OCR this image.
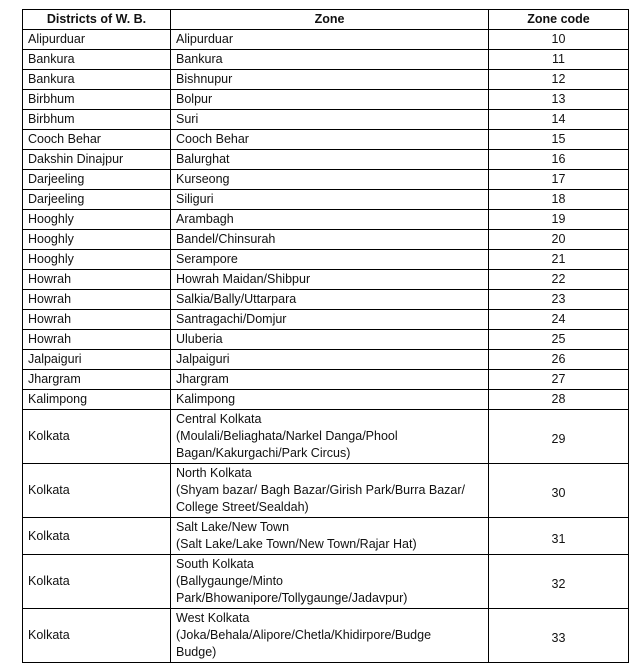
Districts of W. B.	Zone	Zone code
Alipurduar	Alipurduar	10
Bankura	Bankura	11
Bankura	Bishnupur	12
Birbhum	Bolpur	13
Birbhum	Suri	14
Cooch Behar	Cooch Behar	15
Dakshin Dinajpur	Balurghat	16
Darjeeling	Kurseong	17
Darjeeling	Siliguri	18
Hooghly	Arambagh	19
Hooghly	Bandel/Chinsurah	20
Hooghly	Serampore	21
Howrah	Howrah Maidan/Shibpur	22
Howrah	Salkia/Bally/Uttarpara	23
Howrah	Santragachi/Domjur	24
Howrah	Uluberia	25
Jalpaiguri	Jalpaiguri	26
Jhargram	Jhargram	27
Kalimpong	Kalimpong	28
Kolkata	Central Kolkata
(Moulali/Beliaghata/Narkel Danga/Phool
Bagan/Kakurgachi/Park Circus)	29
Kolkata	North Kolkata
(Shyam bazar/ Bagh Bazar/Girish Park/Burra Bazar/
College Street/Sealdah)	30
Kolkata	Salt Lake/New Town
(Salt Lake/Lake Town/New Town/Rajar Hat)	31
Kolkata	South Kolkata
(Ballygaunge/Minto
Park/Bhowanipore/Tollygaunge/Jadavpur)	32
Kolkata	West Kolkata
(Joka/Behala/Alipore/Chetla/Khidirpore/Budge
Budge)	33
